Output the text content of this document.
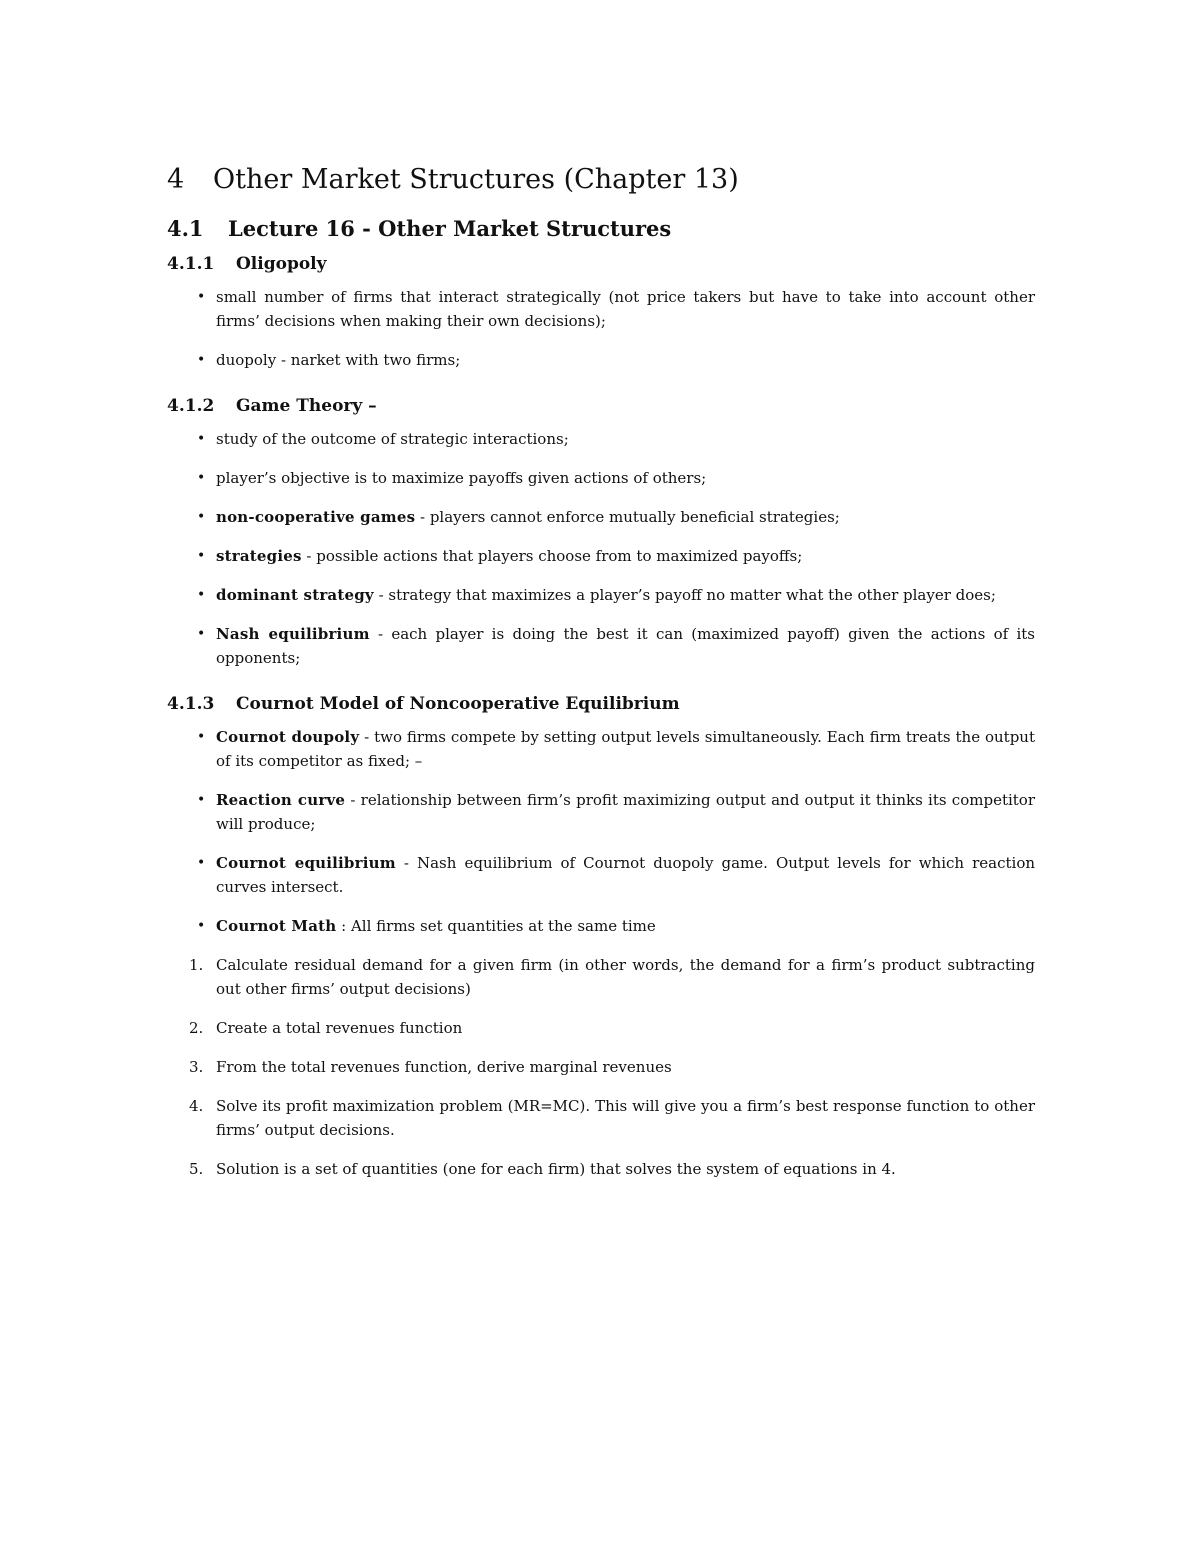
4	Other Market Structures (Chapter 13)
4.1	Lecture 16 - Other Market Structures
4.1.1	Oligopoly
• small number of firms that interact strategically (not price takers but have to take into account other firms’ decisions when making their own decisions);
• duopoly - narket with two firms;
4.1.2	Game Theory –
• study of the outcome of strategic interactions;
• player’s objective is to maximize payoffs given actions of others;
• non-cooperative games - players cannot enforce mutually beneficial strategies;
• strategies - possible actions that players choose from to maximized payoffs;
• dominant strategy - strategy that maximizes a player’s payoff no matter what the other player does;
• Nash equilibrium - each player is doing the best it can (maximized payoff) given the actions of its opponents;
4.1.3	Cournot Model of Noncooperative Equilibrium
• Cournot doupoly - two firms compete by setting output levels simultaneously. Each firm treats the output of its competitor as fixed; –
• Reaction curve - relationship between firm’s profit maximizing output and output it thinks its competitor will produce;
• Cournot equilibrium - Nash equilibrium of Cournot duopoly game. Output levels for which reaction curves intersect.
• Cournot Math : All firms set quantities at the same time
1. Calculate residual demand for a given firm (in other words, the demand for a firm’s product subtracting out other firms’ output decisions)
2. Create a total revenues function
3. From the total revenues function, derive marginal revenues
4. Solve its profit maximization problem (MR=MC). This will give you a firm’s best response function to other firms’ output decisions.
5. Solution is a set of quantities (one for each firm) that solves the system of equations in 4.
